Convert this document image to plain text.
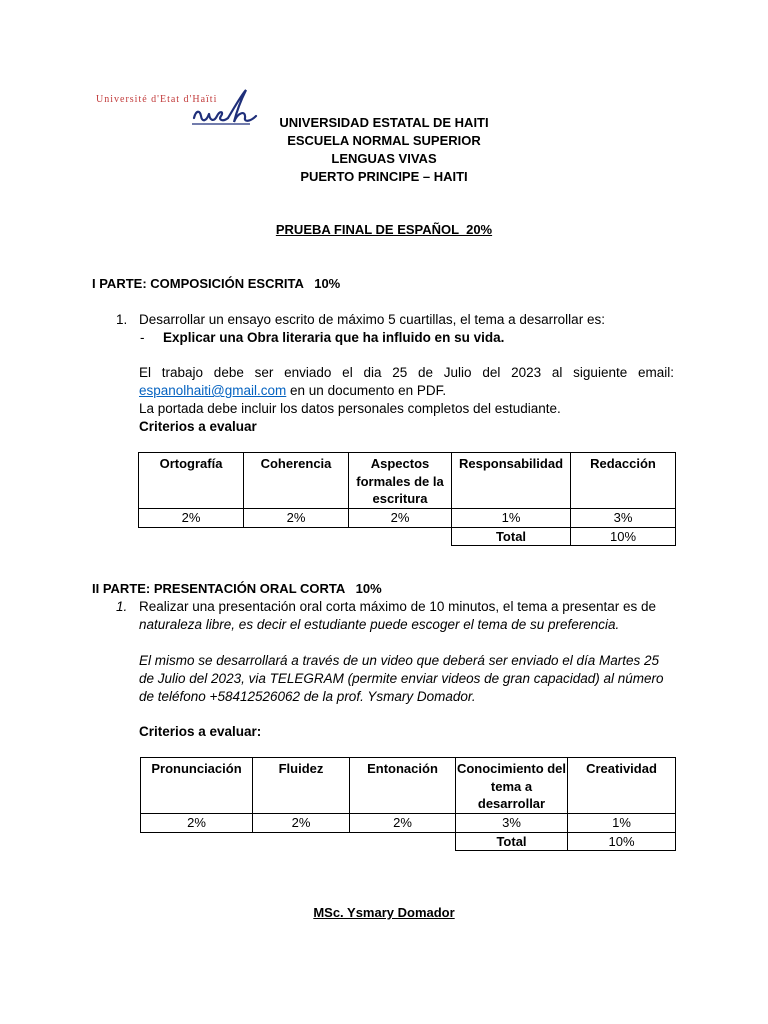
Université d'Etat d'Haïti
UNIVERSIDAD ESTATAL DE HAITI
ESCUELA NORMAL SUPERIOR
LENGUAS VIVAS
PUERTO PRINCIPE – HAITI
PRUEBA FINAL DE ESPAÑOL  20%
I PARTE: COMPOSICIÓN ESCRITA   10%
1. Desarrollar un ensayo escrito de máximo 5 cuartillas, el tema a desarrollar es:
- Explicar una Obra literaria que ha influido en su vida.
El trabajo debe ser enviado el dia 25 de Julio del 2023 al siguiente email:
espanolhaiti@gmail.com en un documento en PDF.
La portada debe incluir los datos personales completos del estudiante.
Criterios a evaluar
Ortografía	Coherencia	Aspectos formales de la escritura	Responsabilidad	Redacción
2%	2%	2%	1%	3%
			Total	10%
II PARTE: PRESENTACIÓN ORAL CORTA   10%
1. Realizar una presentación oral corta máximo de 10 minutos, el tema a presentar es de
naturaleza libre, es decir el estudiante puede escoger el tema de su preferencia.
El mismo se desarrollará a través de un video que deberá ser enviado el día Martes 25
de Julio del 2023, via TELEGRAM (permite enviar videos de gran capacidad) al número
de teléfono +58412526062 de la prof. Ysmary Domador.
Criterios a evaluar:
Pronunciación	Fluidez	Entonación	Conocimiento del tema a desarrollar	Creatividad
2%	2%	2%	3%	1%
			Total	10%
MSc. Ysmary Domador
